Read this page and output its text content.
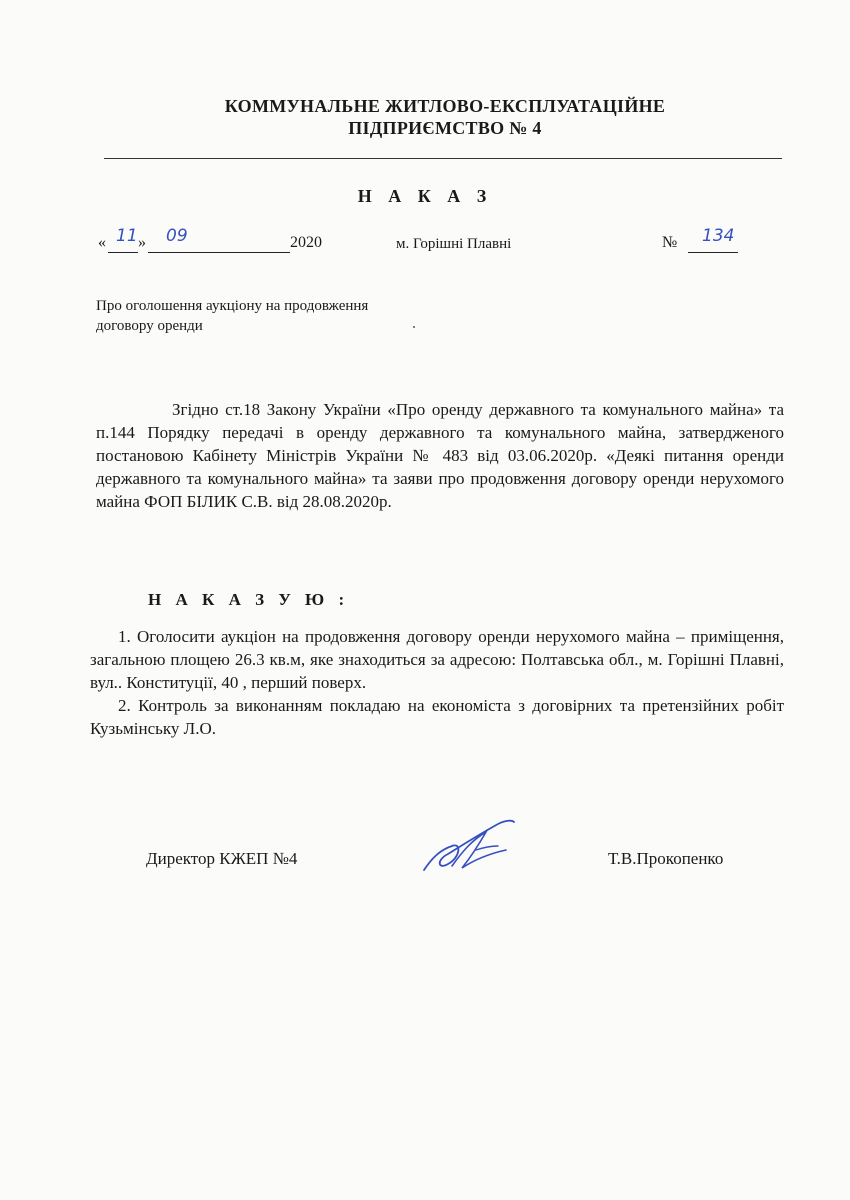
КОММУНАЛЬНЕ ЖИТЛОВО-ЕКСПЛУАТАЦІЙНЕ
ПІДПРИЄМСТВО № 4
Н А К А З
« 11 » 09	2020	м. Горішні Плавні	№ 134
Про оголошення аукціону на продовження
договору оренди
Згідно ст.18 Закону України «Про оренду державного та комунального майна» та п.144 Порядку передачі в оренду державного та комунального майна, затвердженого постановою Кабінету Міністрів України № 483 від 03.06.2020р. «Деякі питання оренди державного та комунального майна» та заяви про продовження договору оренди нерухомого майна ФОП БІЛИК С.В. від 28.08.2020р.
Н А К А З У Ю :

1. Оголосити аукціон на продовження договору оренди нерухомого майна – приміщення, загальною площею 26.3 кв.м, яке знаходиться за адресою: Полтавська обл., м. Горішні Плавні, вул.. Конституції, 40 , перший поверх.

2. Контроль за виконанням покладаю на економіста з договірних та претензійних робіт Кузьмінську Л.О.

Директор КЖЕП №4	Т.В.Прокопенко
